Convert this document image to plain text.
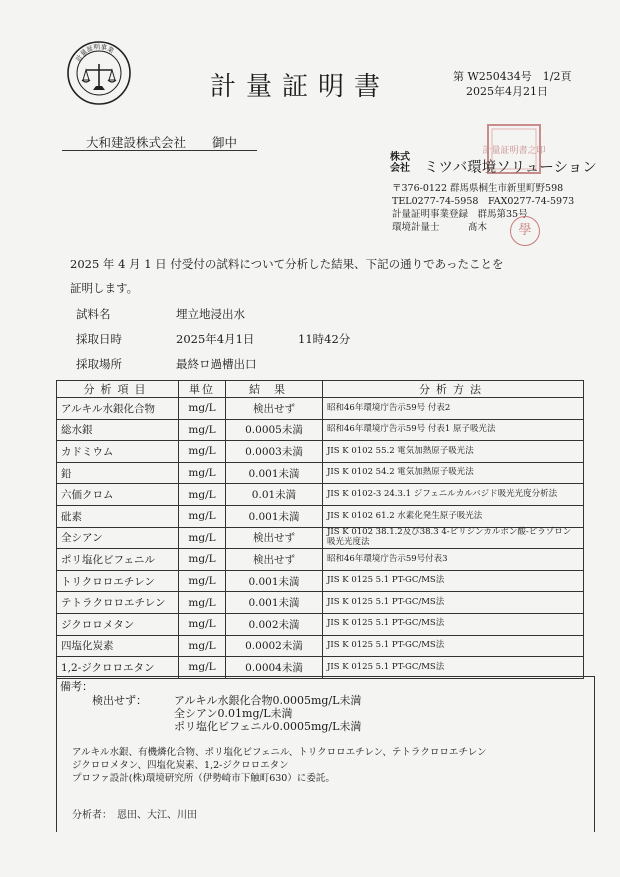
計量証明事業
計量証明書	第 W250434号　1/2頁
2025年4月21日
大和建設株式会社 御中
計量証明書之印
株式
会社 ミツバ環境ソリューション
〒376-0122 群馬県桐生市新里町野598
TEL0277-74-5958　FAX0277-74-5973
計量証明事業登録　群馬第35号
環境計量士　　　髙木	學
2025 年 4 月 1 日 付受付の試料について分析した結果、下記の通りであったことを
証明します。
試料名	埋立地浸出水
採取日時	2025年4月1日	11時42分
採取場所	最終ロ過槽出口
分析項目	単位	結果	分析方法
アルキル水銀化合物	mg/L	検出せず	昭和46年環境庁告示59号 付表2
総水銀	mg/L	0.0005未満	昭和46年環境庁告示59号 付表1 原子吸光法
カドミウム	mg/L	0.0003未満	JIS K 0102 55.2 電気加熱原子吸光法
鉛	mg/L	0.001未満	JIS K 0102 54.2 電気加熱原子吸光法
六価クロム	mg/L	0.01未満	JIS K 0102-3 24.3.1 ジフェニルカルバジド吸光光度分析法
砒素	mg/L	0.001未満	JIS K 0102 61.2 水素化発生原子吸光法
全シアン	mg/L	検出せず	JIS K 0102 38.1.2及び38.3 4-ピリジンカルボン酸-ピラゾロン吸光光度法
ポリ塩化ビフェニル	mg/L	検出せず	昭和46年環境庁告示59号付表3
トリクロロエチレン	mg/L	0.001未満	JIS K 0125 5.1 PT-GC/MS法
テトラクロロエチレン	mg/L	0.001未満	JIS K 0125 5.1 PT-GC/MS法
ジクロロメタン	mg/L	0.002未満	JIS K 0125 5.1 PT-GC/MS法
四塩化炭素	mg/L	0.0002未満	JIS K 0125 5.1 PT-GC/MS法
1,2-ジクロロエタン	mg/L	0.0004未満	JIS K 0125 5.1 PT-GC/MS法
備考：
検出せず： アルキル水銀化合物0.0005mg/L未満
全シアン0.01mg/L未満
ポリ塩化ビフェニル0.0005mg/L未満
アルキル水銀、有機燐化合物、ポリ塩化ビフェニル、トリクロロエチレン、テトラクロロエチレン
ジクロロメタン、四塩化炭素、1,2-ジクロロエタン
プロファ設計(株)環境研究所（伊勢崎市下触町630）に委託。
分析者：　恩田、大江、川田
